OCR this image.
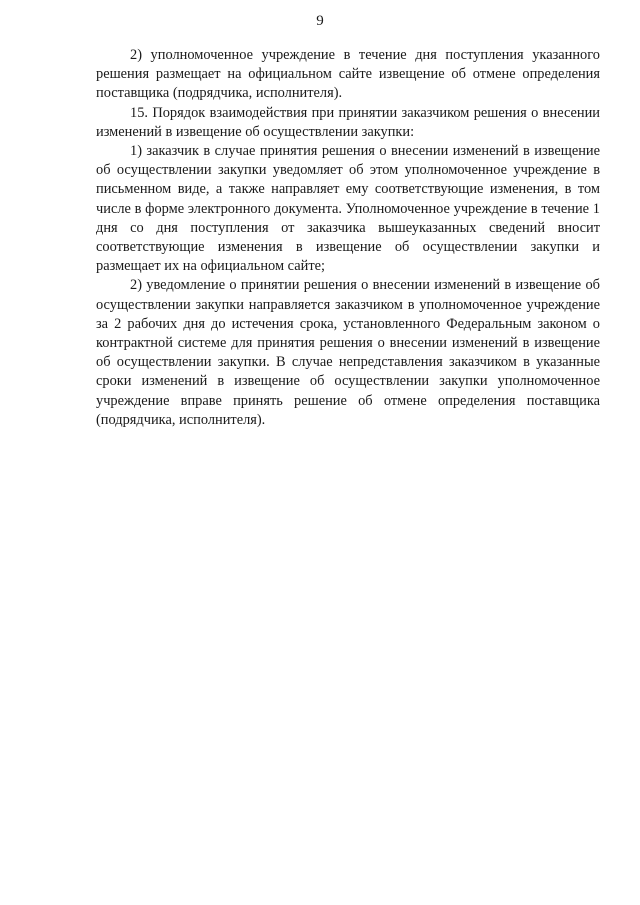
9

2) уполномоченное учреждение в течение дня поступления указанного решения размещает на официальном сайте извещение об отмене определения поставщика (подрядчика, исполнителя).

15. Порядок взаимодействия при принятии заказчиком решения о внесении изменений в извещение об осуществлении закупки:

1) заказчик в случае принятия решения о внесении изменений в извещение об осуществлении закупки уведомляет об этом уполномоченное учреждение в письменном виде, а также направляет ему соответствующие изменения, в том числе в форме электронного документа. Уполномоченное учреждение в течение 1 дня со дня поступления от заказчика вышеуказанных сведений вносит соответствующие изменения в извещение об осуществлении закупки и размещает их на официальном сайте;

2) уведомление о принятии решения о внесении изменений в извещение об осуществлении закупки направляется заказчиком в уполномоченное учреждение за 2 рабочих дня до истечения срока, установленного Федеральным законом о контрактной системе для принятия решения о внесении изменений в извещение об осуществлении закупки. В случае непредставления заказчиком в указанные сроки изменений в извещение об осуществлении закупки уполномоченное учреждение вправе принять решение об отмене определения поставщика (подрядчика, исполнителя).
